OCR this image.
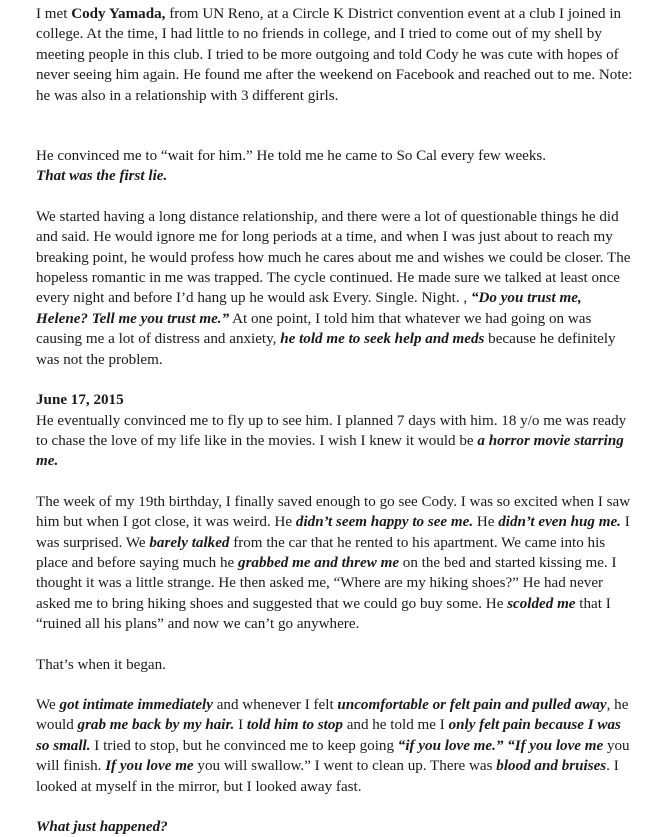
I met Cody Yamada, from UN Reno, at a Circle K District convention event at a club I joined in college. At the time, I had little to no friends in college, and I tried to come out of my shell by meeting people in this club. I tried to be more outgoing and told Cody he was cute with hopes of never seeing him again. He found me after the weekend on Facebook and reached out to me. Note: he was also in a relationship with 3 different girls.

He convinced me to “wait for him.” He told me he came to So Cal every few weeks.

That was the first lie.

We started having a long distance relationship, and there were a lot of questionable things he did and said. He would ignore me for long periods at a time, and when I was just about to reach my breaking point, he would profess how much he cares about me and wishes we could be closer. The hopeless romantic in me was trapped. The cycle continued. He made sure we talked at least once every night and before I’d hang up he would ask Every. Single. Night. , “Do you trust me, Helene? Tell me you trust me.” At one point, I told him that whatever we had going on was causing me a lot of distress and anxiety, he told me to seek help and meds because he definitely was not the problem.

June 17, 2015

He eventually convinced me to fly up to see him. I planned 7 days with him. 18 y/o me was ready to chase the love of my life like in the movies. I wish I knew it would be a horror movie starring me.

The week of my 19th birthday, I finally saved enough to go see Cody. I was so excited when I saw him but when I got close, it was weird. He didn’t seem happy to see me. He didn’t even hug me. I was surprised. We barely talked from the car that he rented to his apartment. We came into his place and before saying much he grabbed me and threw me on the bed and started kissing me. I thought it was a little strange. He then asked me, “Where are my hiking shoes?” He had never asked me to bring hiking shoes and suggested that we could go buy some. He scolded me that I “ruined all his plans” and now we can’t go anywhere.

That’s when it began.

We got intimate immediately and whenever I felt uncomfortable or felt pain and pulled away, he would grab me back by my hair. I told him to stop and he told me I only felt pain because I was so small. I tried to stop, but he convinced me to keep going “if you love me.” “If you love me you will finish. If you love me you will swallow.” I went to clean up. There was blood and bruises. I looked at myself in the mirror, but I looked away fast.

What just happened?
